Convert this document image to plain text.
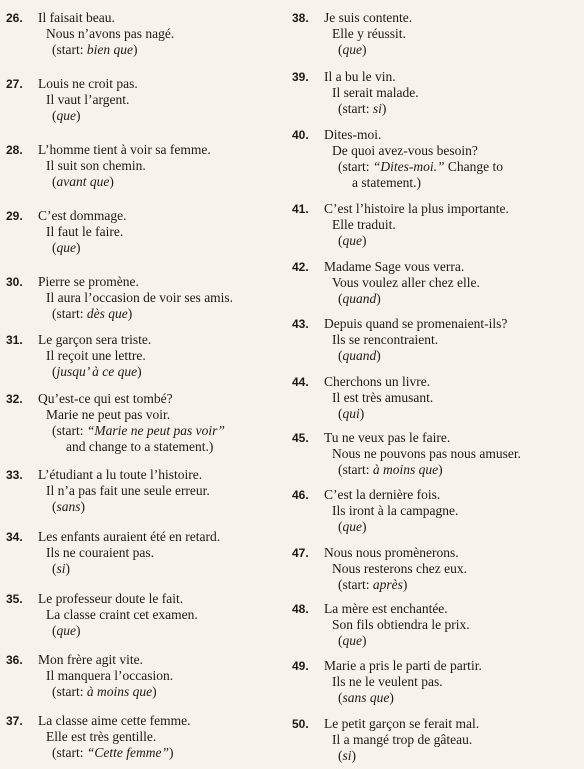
26. Il faisait beau.
Nous n’avons pas nagé.
(start: bien que)
27. Louis ne croit pas.
Il vaut l’argent.
(que)
28. L’homme tient à voir sa femme.
Il suit son chemin.
(avant que)
29. C’est dommage.
Il faut le faire.
(que)
30. Pierre se promène.
Il aura l’occasion de voir ses amis.
(start: dès que)
31. Le garçon sera triste.
Il reçoit une lettre.
(jusqu’ à ce que)
32. Qu’est-ce qui est tombé?
Marie ne peut pas voir.
(start: “Marie ne peut pas voir”
and change to a statement.)
33. L’étudiant a lu toute l’histoire.
Il n’a pas fait une seule erreur.
(sans)
34. Les enfants auraient été en retard.
Ils ne couraient pas.
(si)
35. Le professeur doute le fait.
La classe craint cet examen.
(que)
36. Mon frère agit vite.
Il manquera l’occasion.
(start: à moins que)
37. La classe aime cette femme.
Elle est très gentille.
(start: “Cette femme”)
38. Je suis contente.
Elle y réussit.
(que)
39. Il a bu le vin.
Il serait malade.
(start: si)
40. Dites-moi.
De quoi avez-vous besoin?
(start: “Dites-moi.” Change to
a statement.)
41. C’est l’histoire la plus importante.
Elle traduit.
(que)
42. Madame Sage vous verra.
Vous voulez aller chez elle.
(quand)
43. Depuis quand se promenaient-ils?
Ils se rencontraient.
(quand)
44. Cherchons un livre.
Il est très amusant.
(qui)
45. Tu ne veux pas le faire.
Nous ne pouvons pas nous amuser.
(start: à moins que)
46. C’est la dernière fois.
Ils iront à la campagne.
(que)
47. Nous nous promènerons.
Nous resterons chez eux.
(start: après)
48. La mère est enchantée.
Son fils obtiendra le prix.
(que)
49. Marie a pris le parti de partir.
Ils ne le veulent pas.
(sans que)
50. Le petit garçon se ferait mal.
Il a mangé trop de gâteau.
(si)
